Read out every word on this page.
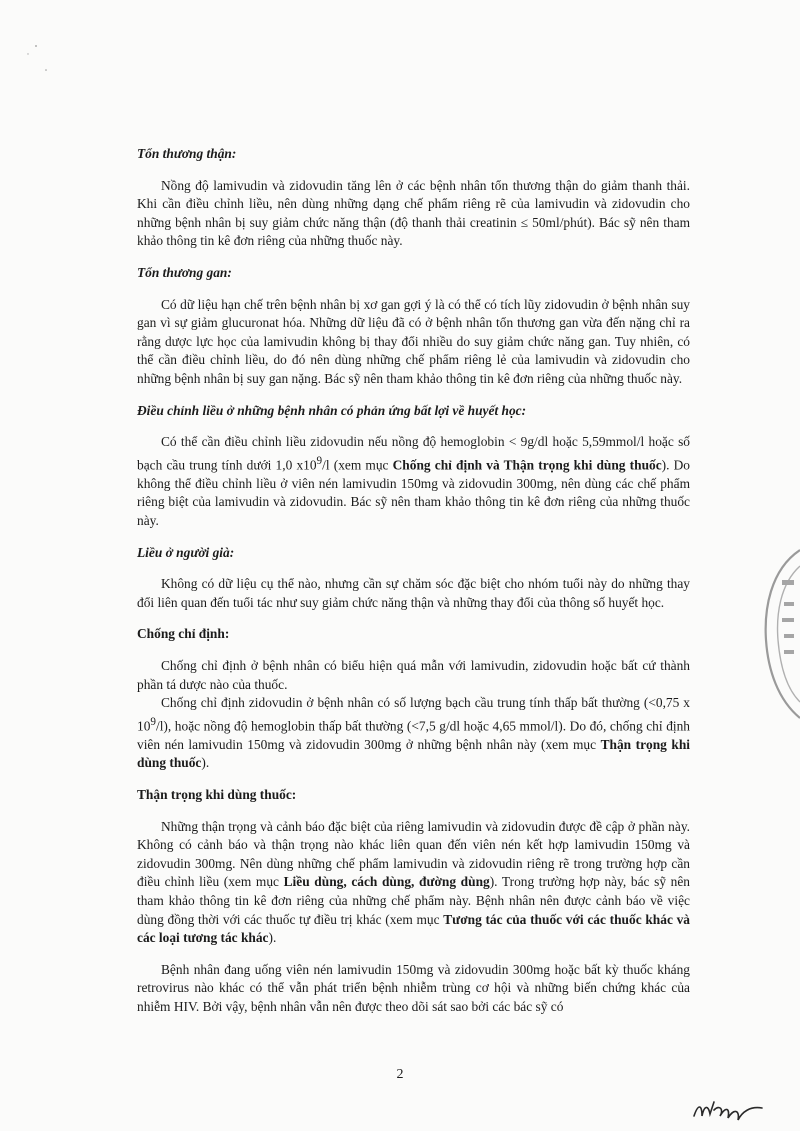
Tổn thương thận:

Nồng độ lamivudin và zidovudin tăng lên ở các bệnh nhân tổn thương thận do giảm thanh thải. Khi cần điều chỉnh liều, nên dùng những dạng chế phẩm riêng rẽ của lamivudin và zidovudin cho những bệnh nhân bị suy giảm chức năng thận (độ thanh thải creatinin ≤ 50ml/phút). Bác sỹ nên tham khảo thông tin kê đơn riêng của những thuốc này.

Tổn thương gan:

Có dữ liệu hạn chế trên bệnh nhân bị xơ gan gợi ý là có thể có tích lũy zidovudin ở bệnh nhân suy gan vì sự giảm glucuronat hóa. Những dữ liệu đã có ở bệnh nhân tổn thương gan vừa đến nặng chỉ ra rằng dược lực học của lamivudin không bị thay đổi nhiều do suy giảm chức năng gan. Tuy nhiên, có thể cần điều chỉnh liều, do đó nên dùng những chế phẩm riêng lẻ của lamivudin và zidovudin cho những bệnh nhân bị suy gan nặng. Bác sỹ nên tham khảo thông tin kê đơn riêng của những thuốc này.

Điều chỉnh liều ở những bệnh nhân có phản ứng bất lợi về huyết học:

Có thể cần điều chỉnh liều zidovudin nếu nồng độ hemoglobin < 9g/dl hoặc 5,59mmol/l hoặc số bạch cầu trung tính dưới 1,0 $x10^9/l$ (xem mục Chống chỉ định và Thận trọng khi dùng thuốc). Do không thể điều chỉnh liều ở viên nén lamivudin 150mg và zidovudin 300mg, nên dùng các chế phẩm riêng biệt của lamivudin và zidovudin. Bác sỹ nên tham khảo thông tin kê đơn riêng của những thuốc này.

Liều ở người già:

Không có dữ liệu cụ thể nào, nhưng cần sự chăm sóc đặc biệt cho nhóm tuổi này do những thay đổi liên quan đến tuổi tác như suy giảm chức năng thận và những thay đổi của thông số huyết học.

Chống chỉ định:

Chống chỉ định ở bệnh nhân có biểu hiện quá mẫn với lamivudin, zidovudin hoặc bất cứ thành phần tá dược nào của thuốc.

Chống chỉ định zidovudin ở bệnh nhân có số lượng bạch cầu trung tính thấp bất thường (<0,75 x $10^9/l$), hoặc nồng độ hemoglobin thấp bất thường (<7,5 g/dl hoặc 4,65 mmol/l). Do đó, chống chỉ định viên nén lamivudin 150mg và zidovudin 300mg ở những bệnh nhân này (xem mục Thận trọng khi dùng thuốc).

Thận trọng khi dùng thuốc:

Những thận trọng và cảnh báo đặc biệt của riêng lamivudin và zidovudin được đề cập ở phần này. Không có cảnh báo và thận trọng nào khác liên quan đến viên nén kết hợp lamivudin 150mg và zidovudin 300mg. Nên dùng những chế phẩm lamivudin và zidovudin riêng rẽ trong trường hợp cần điều chỉnh liều (xem mục Liều dùng, cách dùng, đường dùng). Trong trường hợp này, bác sỹ nên tham khảo thông tin kê đơn riêng của những chế phẩm này. Bệnh nhân nên được cảnh báo về việc dùng đồng thời với các thuốc tự điều trị khác (xem mục Tương tác của thuốc với các thuốc khác và các loại tương tác khác).

Bệnh nhân đang uống viên nén lamivudin 150mg và zidovudin 300mg hoặc bất kỳ thuốc kháng retrovirus nào khác có thể vẫn phát triển bệnh nhiễm trùng cơ hội và những biến chứng khác của nhiễm HIV. Bởi vậy, bệnh nhân vẫn nên được theo dõi sát sao bởi các bác sỹ có

2
